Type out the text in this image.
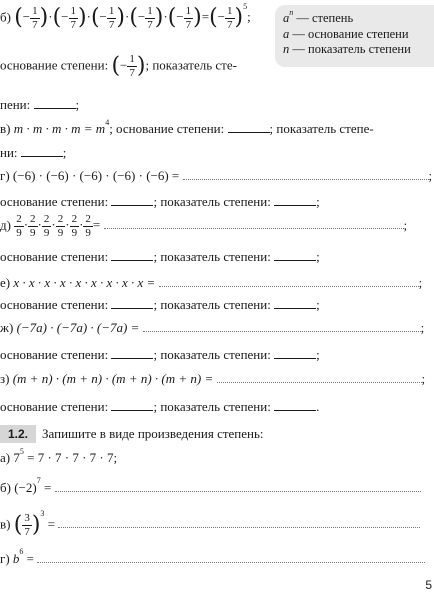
$a^n$ — степень
a — основание степени
n — показатель степени
б) (− $\frac{1}{7}$ )·(− $\frac{1}{7}$ )·(− $\frac{1}{7}$ )·(− $\frac{1}{7}$ )·(− $\frac{1}{7}$ )=(− $\frac{1}{7} )^5$;
основание степени: (− $\frac{1}{7}$ ); показатель сте-
пени:	;
в) $m \cdot m \cdot m \cdot m = m^4$; основание степени:	; показатель степе-
ни:	;
г) (−6) · (−6) · (−6) · (−6) · (−6) =	;
основание степени:	; показатель степени:	;
$д) \frac{2}{9} \cdot \frac{2}{9} \cdot \frac{2}{9} \cdot \frac{2}{9} \cdot \frac{2}{9} \cdot \frac{2}{9}$ =	;
основание степени:	; показатель степени:	;
е) x · x · x · x · x · x · x · x · x =	;
основание степени:	; показатель степени:	;
ж) (−7a) · (−7a) · (−7a) =	;
основание степени:	; показатель степени:	;
з) (m + n) · (m + n) · (m + n) · (m + n) =	;
основание степени:	; показатель степени:	.
1.2. Запишите в виде произведения степень:
а) $7^5 = 7 \cdot 7 \cdot 7 \cdot 7 \cdot 7$;
б) $(-2)^7$ =
в) ( $\frac{3}{7} )^3$ =
г) $b^6$ =
5
